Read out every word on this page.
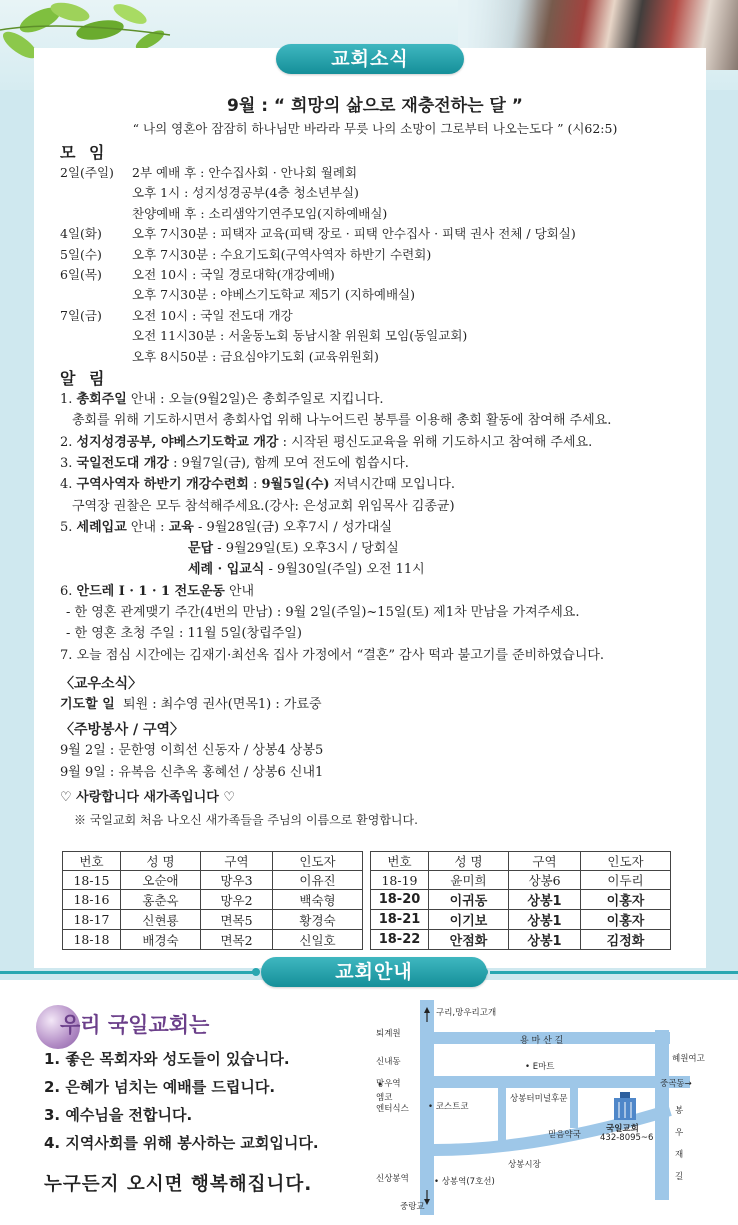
교회소식
9월 : “ 희망의 삶으로 재충전하는 달 ”
“ 나의 영혼아 잠잠히 하나님만 바라라 무릇 나의 소망이 그로부터 나오는도다 ” (시62:5)
모 임
2일(주일)	2부 예배 후 : 안수집사회 · 안나회 월례회
오후 1시 : 성지성경공부(4층 청소년부실)
찬양예배 후 : 소리샘악기연주모임(지하예배실)
4일(화)	오후 7시30분 : 피택자 교육(피택 장로 · 피택 안수집사 · 피택 권사 전체 / 당회실)
5일(수)	오후 7시30분 : 수요기도회(구역사역자 하반기 수련회)
6일(목)	오전 10시 : 국일 경로대학(개강예배)
오후 7시30분 : 야베스기도학교 제5기 (지하예배실)
7일(금)	오전 10시 : 국일 전도대 개강
오전 11시30분 : 서울동노회 동남시찰 위원회 모임(동일교회)
오후 8시50분 : 금요심야기도회 (교육위원회)
알 림
1. 총회주일 안내 : 오늘(9월2일)은 총회주일로 지킵니다.
총회를 위해 기도하시면서 총회사업 위해 나누어드린 봉투를 이용해 총회 활동에 참여해 주세요.
2. 성지성경공부, 야베스기도학교 개강 : 시작된 평신도교육을 위해 기도하시고 참여해 주세요.
3. 국일전도대 개강 : 9월7일(금), 함께 모여 전도에 힘씁시다.
4. 구역사역자 하반기 개강수련회 : 9월5일(수) 저녁시간때 모입니다.
구역장 권찰은 모두 참석해주세요.(강사: 은성교회 위임목사 김종균)
5. 세례입교 안내 : 교육 - 9월28일(금) 오후7시 / 성가대실
문답 - 9월29일(토) 오후3시 / 당회실
세례 · 입교식 - 9월30일(주일) 오전 11시
6. 안드레 Ⅰ · 1 · 1 전도운동 안내
- 한 영혼 관계맺기 주간(4번의 만남) : 9월 2일(주일)~15일(토) 제1차 만남을 가져주세요.
- 한 영혼 초청 주일 : 11월 5일(창립주일)
7. 오늘 점심 시간에는 김재기·최선옥 집사 가정에서 “결혼” 감사 떡과 불고기를 준비하였습니다.
〈교우소식〉
기도할 일 퇴원 : 최수영 권사(면목1) : 가료중
〈주방봉사 / 구역〉
9월 2일 : 문한영 이희선 신동자 / 상봉4 상봉5
9월 9일 : 유복음 신추옥 홍혜선 / 상봉6 신내1
♡ 사랑합니다 새가족입니다 ♡
※ 국일교회 처음 나오신 새가족들을 주님의 이름으로 환영합니다.
번호	성 명	구역	인도자		번호	성 명	구역	인도자
18-15	오순애	망우3	이유진		18-19	윤미희	상봉6	이두리
18-16	홍춘옥	망우2	백숙형		18-20	이귀동	상봉1	이홍자
18-17	신현룡	면목5	황경숙		18-21	이기보	상봉1	이홍자
18-18	배경숙	면목2	신일호		18-22	안점화	상봉1	김정화
교회안내
우리 국일교회는
1. 좋은 목회자와 성도들이 있습니다.
2. 은혜가 넘치는 예배를 드립니다.
3. 예수님을 전합니다.
4. 지역사회를 위해 봉사하는 교회입니다.
누구든지 오시면 행복해집니다.
구리,망우리고개
퇴계원
용 마 산 길
신내동	• E마트
혜원여고
망우역	중곡동→
엠코
엔터식스	• 코스트코
상봉터미널후문
국일교회
432-8095~6
믿음약국
상봉시장
신상봉역	• 상봉역(7호선)
중랑교
봉
우
재
길
